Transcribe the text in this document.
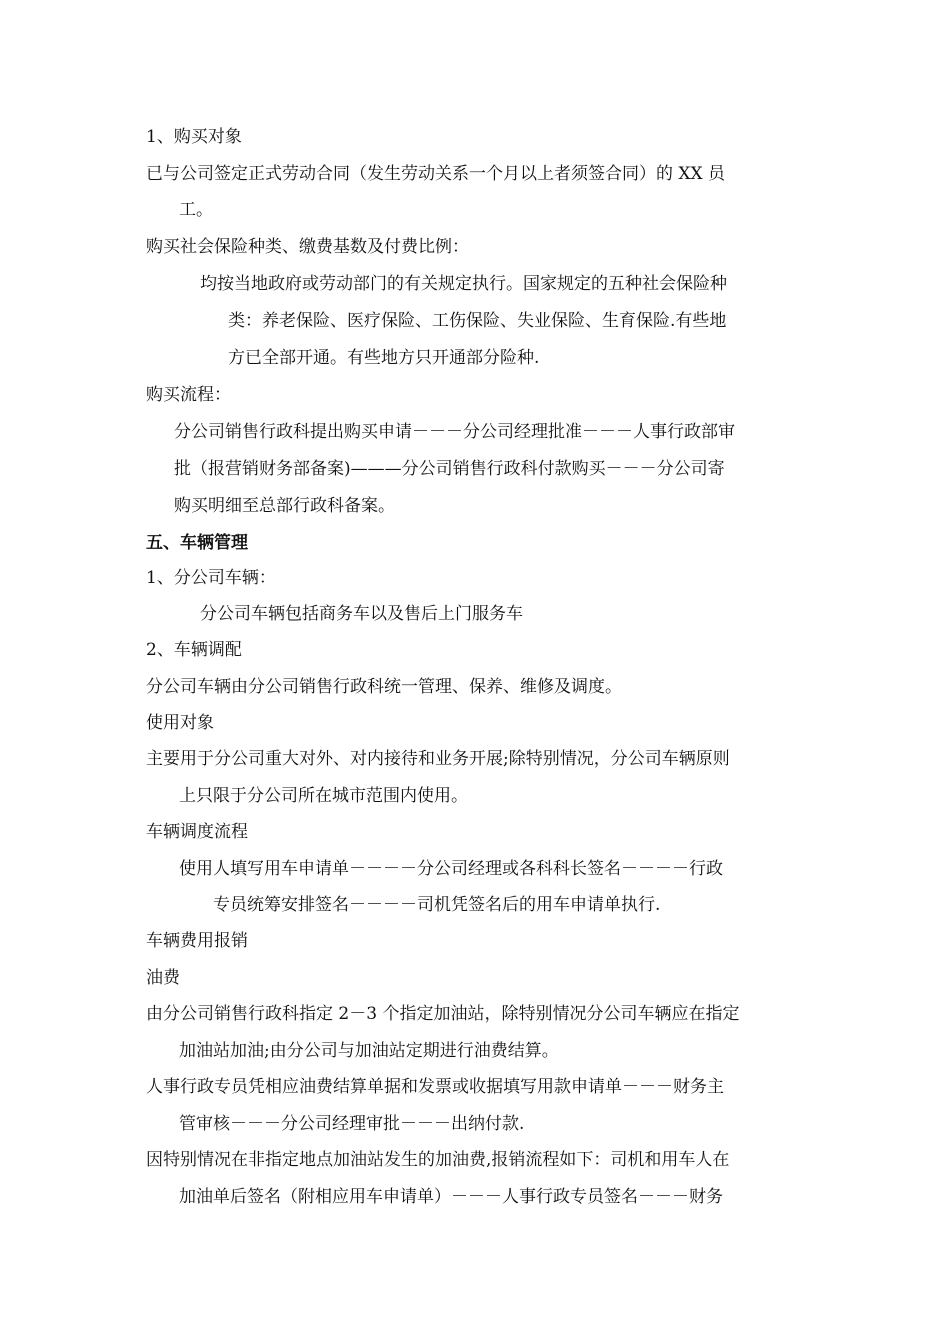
1、购买对象
已与公司签定正式劳动合同（发生劳动关系一个月以上者须签合同）的 XX 员
工。
购买社会保险种类、缴费基数及付费比例：
均按当地政府或劳动部门的有关规定执行。国家规定的五种社会保险种
类：养老保险、医疗保险、工伤保险、失业保险、生育保险.有些地
方已全部开通。有些地方只开通部分险种.
购买流程：
分公司销售行政科提出购买申请－－－分公司经理批准－－－人事行政部审
批（报营销财务部备案)———分公司销售行政科付款购买－－－分公司寄
购买明细至总部行政科备案。
五、车辆管理
1、分公司车辆：
分公司车辆包括商务车以及售后上门服务车
2、车辆调配
分公司车辆由分公司销售行政科统一管理、保养、维修及调度。
使用对象
主要用于分公司重大对外、对内接待和业务开展;除特别情况，分公司车辆原则
上只限于分公司所在城市范围内使用。
车辆调度流程
使用人填写用车申请单－－－－分公司经理或各科科长签名－－－－行政
专员统筹安排签名－－－－司机凭签名后的用车申请单执行.
车辆费用报销
油费
由分公司销售行政科指定 2－3 个指定加油站，除特别情况分公司车辆应在指定
加油站加油;由分公司与加油站定期进行油费结算。
人事行政专员凭相应油费结算单据和发票或收据填写用款申请单－－－财务主
管审核－－－分公司经理审批－－－出纳付款.
因特别情况在非指定地点加油站发生的加油费,报销流程如下：司机和用车人在
加油单后签名（附相应用车申请单）－－－人事行政专员签名－－－财务
